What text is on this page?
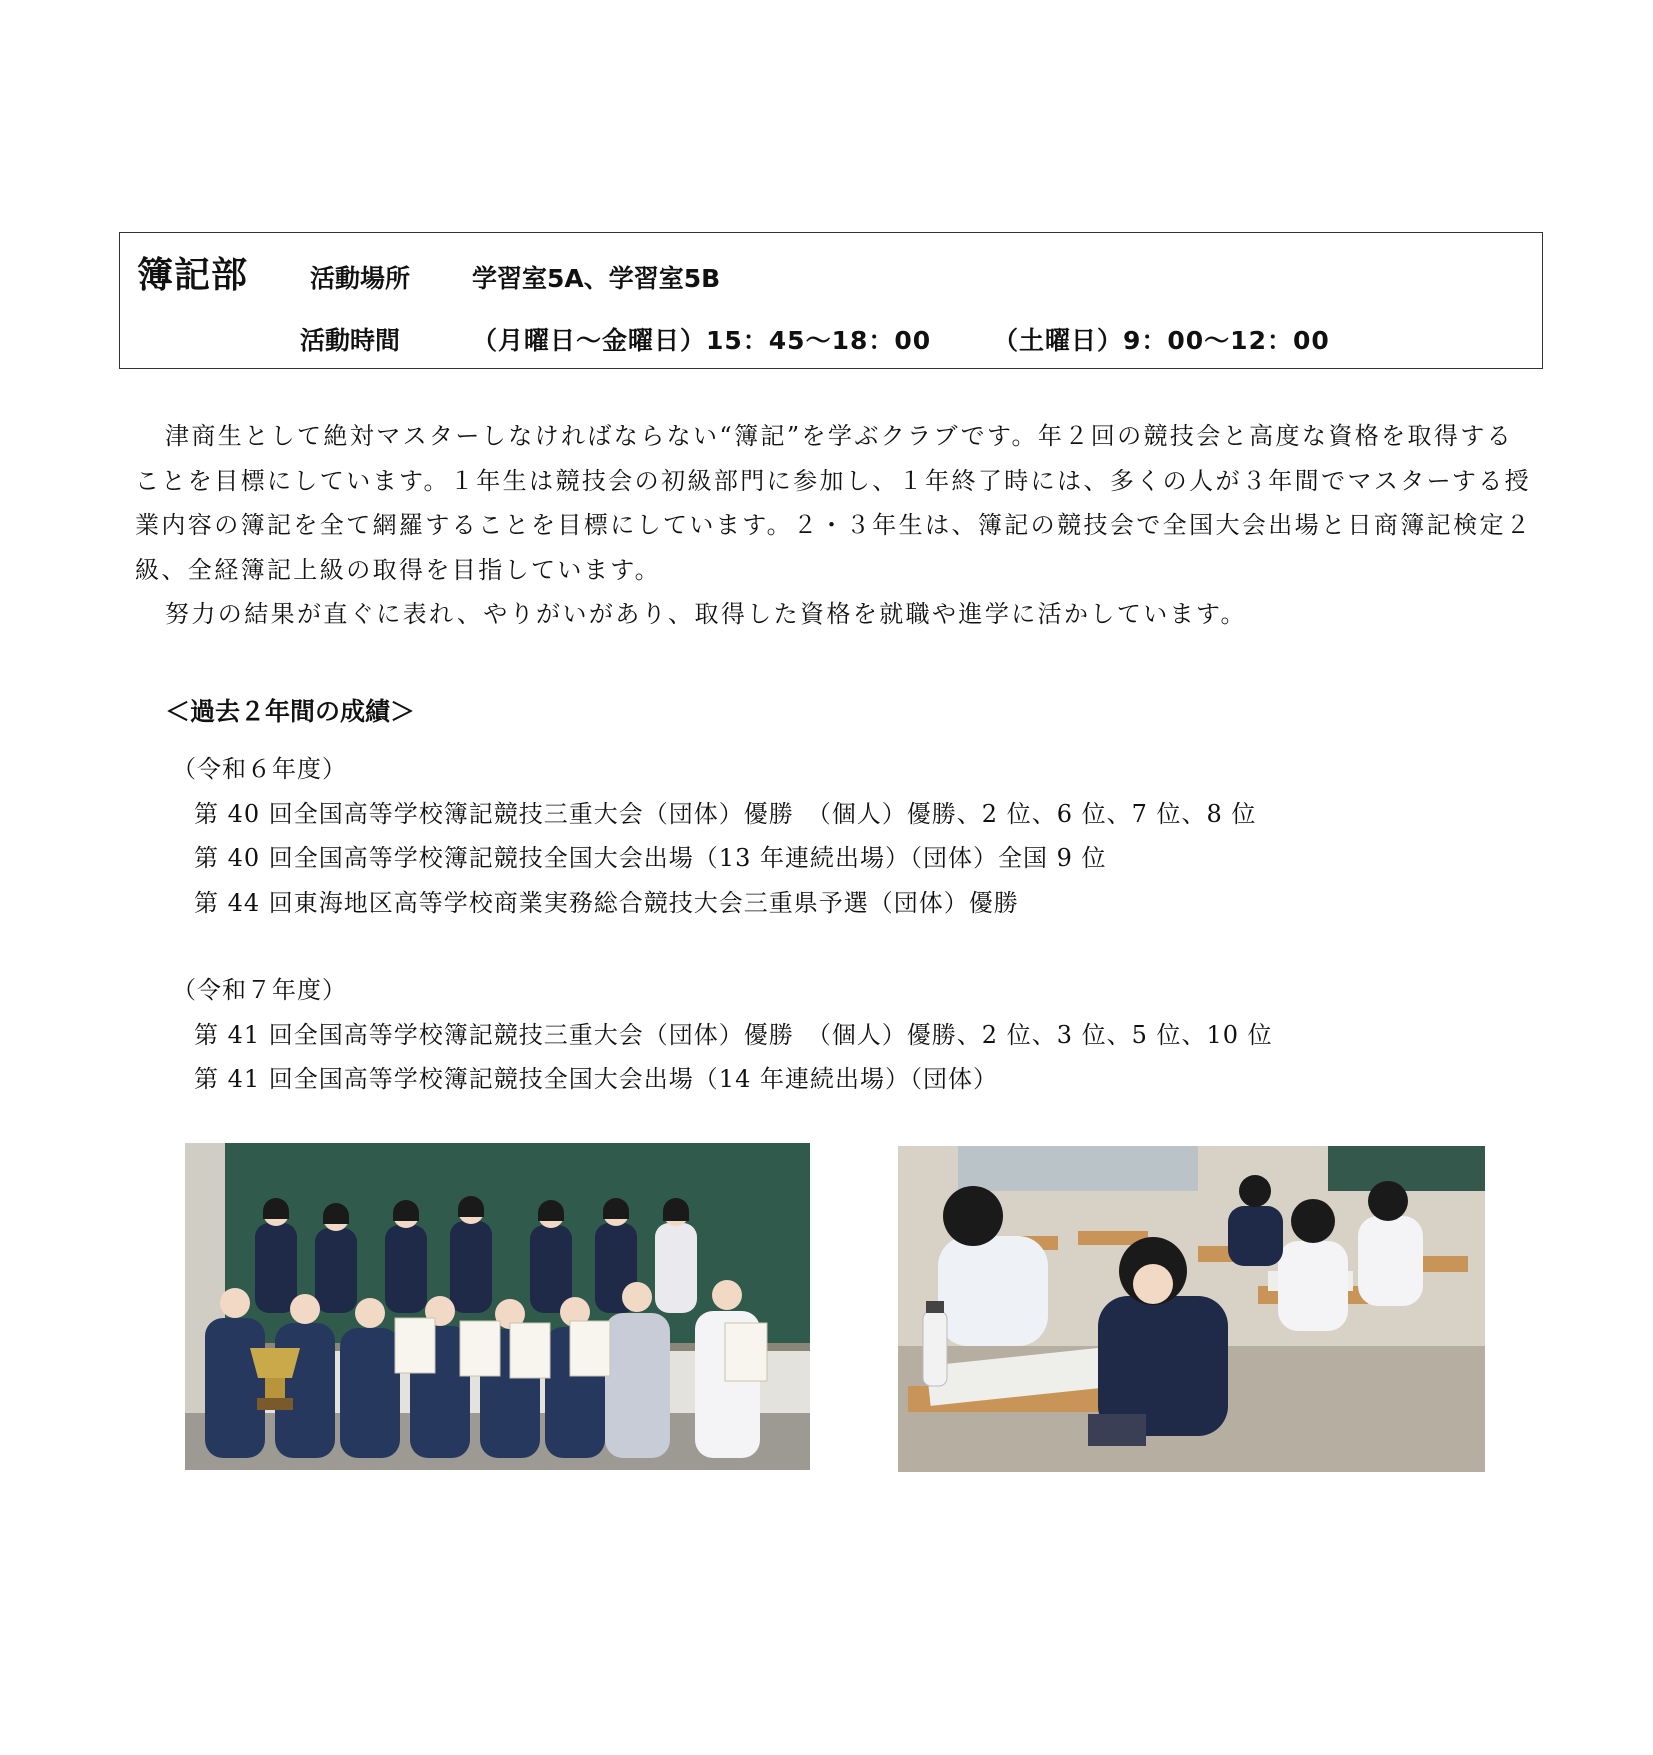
簿記部 活動場所 学習室5A、学習室5B
活動時間	（月曜日～金曜日）15：45～18：00 （土曜日）9：00～12：00

津商生として絶対マスターしなければならない“簿記”を学ぶクラブです。年２回の競技会と高度な資格を取得することを目標にしています。１年生は競技会の初級部門に参加し、１年終了時には、多くの人が３年間でマスターする授業内容の簿記を全て網羅することを目標にしています。２・３年生は、簿記の競技会で全国大会出場と日商簿記検定２級、全経簿記上級の取得を目指しています。

努力の結果が直ぐに表れ、やりがいがあり、取得した資格を就職や進学に活かしています。

＜過去２年間の成績＞
（令和６年度）
第 40 回全国高等学校簿記競技三重大会（団体）優勝　（個人）優勝、2 位、6 位、7 位、8 位
第 40 回全国高等学校簿記競技全国大会出場（13 年連続出場）（団体）全国 9 位
第 44 回東海地区高等学校商業実務総合競技大会三重県予選（団体）優勝
（令和７年度）
第 41 回全国高等学校簿記競技三重大会（団体）優勝　（個人）優勝、2 位、3 位、5 位、10 位
第 41 回全国高等学校簿記競技全国大会出場（14 年連続出場）（団体）
